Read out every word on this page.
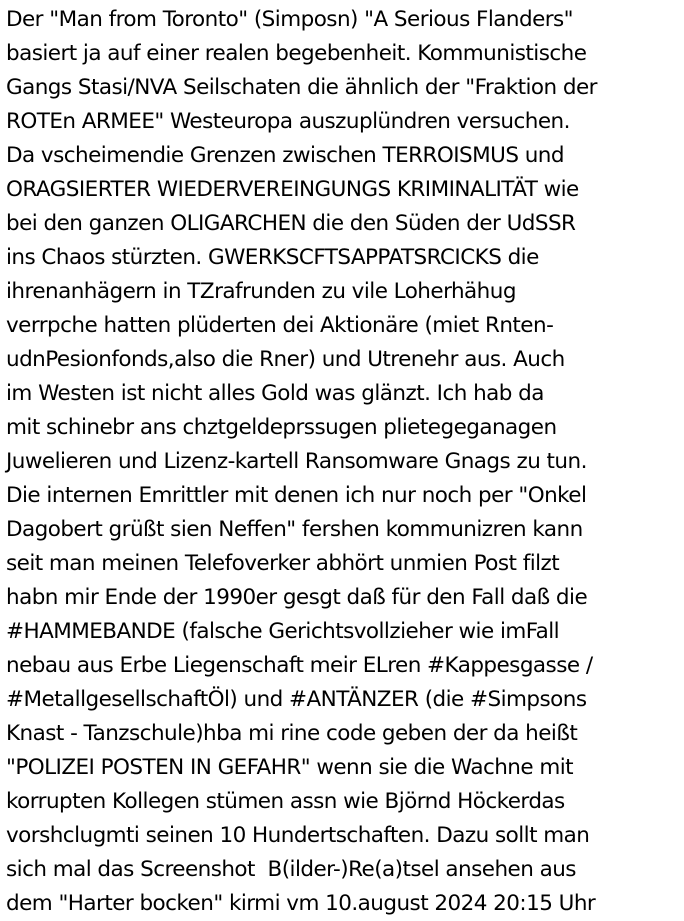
Der "Man from Toronto" (Simposn) "A Serious Flanders"
basiert ja auf einer realen begebenheit. Kommunistische
Gangs Stasi/NVA Seilschaten die ähnlich der "Fraktion der
ROTEn ARMEE" Westeuropa auszuplündren versuchen.
Da vscheimendie Grenzen zwischen TERROISMUS und
ORAGSIERTER WIEDERVEREINGUNGS KRIMINALITÄT wie
bei den ganzen OLIGARCHEN die den Süden der UdSSR
ins Chaos stürzten. GWERKSCFTSAPPATSRCICKS die
ihrenanhägern in TZrafrunden zu vile Loherhähug
verrpche hatten plüderten dei Aktionäre (miet Rnten-
udnPesionfonds,also die Rner) und Utrenehr aus. Auch
im Westen ist nicht alles Gold was glänzt. Ich hab da
mit schinebr ans chztgeldeprssugen plietegeganagen
Juwelieren und Lizenz-kartell Ransomware Gnags zu tun.
Die internen Emrittler mit denen ich nur noch per "Onkel
Dagobert grüßt sien Neffen" fershen kommunizren kann
seit man meinen Telefoverker abhört unmien Post filzt
habn mir Ende der 1990er gesgt daß für den Fall daß die
#HAMMEBANDE (falsche Gerichtsvollzieher wie imFall
nebau aus Erbe Liegenschaft meir ELren #Kappesgasse /
#MetallgesellschaftÖl) und #ANTÄNZER (die #Simpsons
Knast - Tanzschule)hba mi rine code geben der da heißt
"POLIZEI POSTEN IN GEFAHR" wenn sie die Wachne mit
korrupten Kollegen stümen assn wie Björnd Höckerdas
vorshclugmti seinen 10 Hundertschaften. Dazu sollt man
sich mal das Screenshot  B(ilder-)Re(a)tsel ansehen aus
dem "Harter bocken" kirmi vm 10.august 2024 20:15 Uhr
